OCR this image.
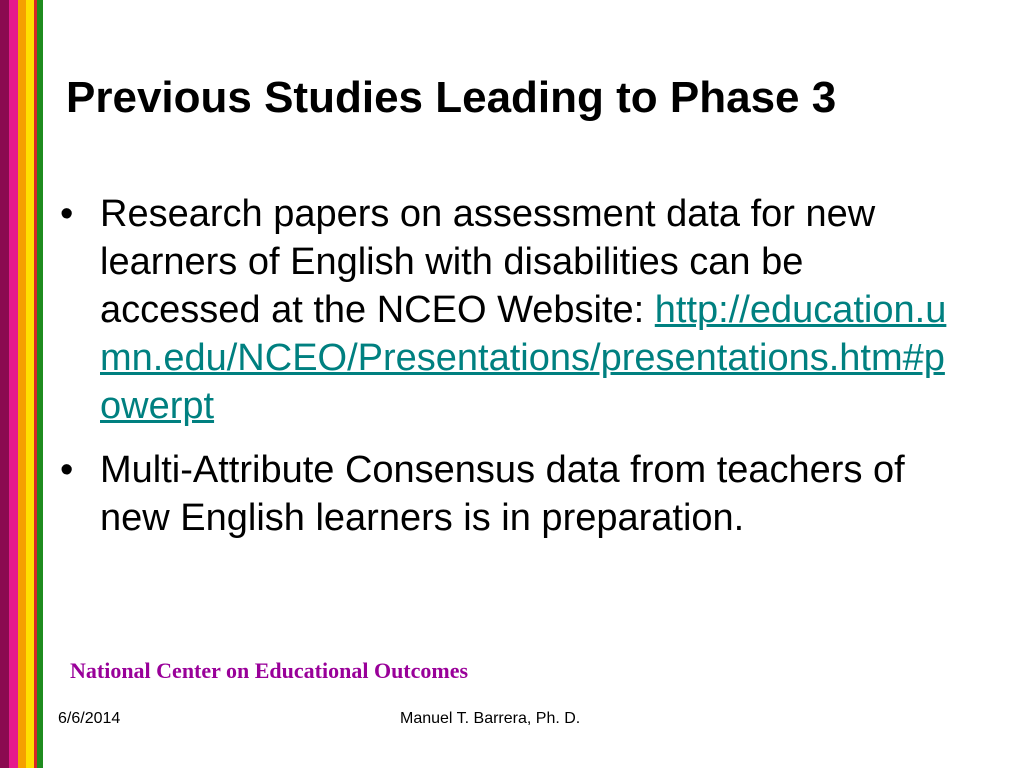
Previous Studies Leading to Phase 3
• Research papers on assessment data for new learners of English with disabilities can be accessed at the NCEO Website: http://education.umn.edu/NCEO/Presentations/presentations.htm#powerpt
• Multi-Attribute Consensus data from teachers of new English learners is in preparation.
National Center on Educational Outcomes
6/6/2014	Manuel T. Barrera, Ph. D.
